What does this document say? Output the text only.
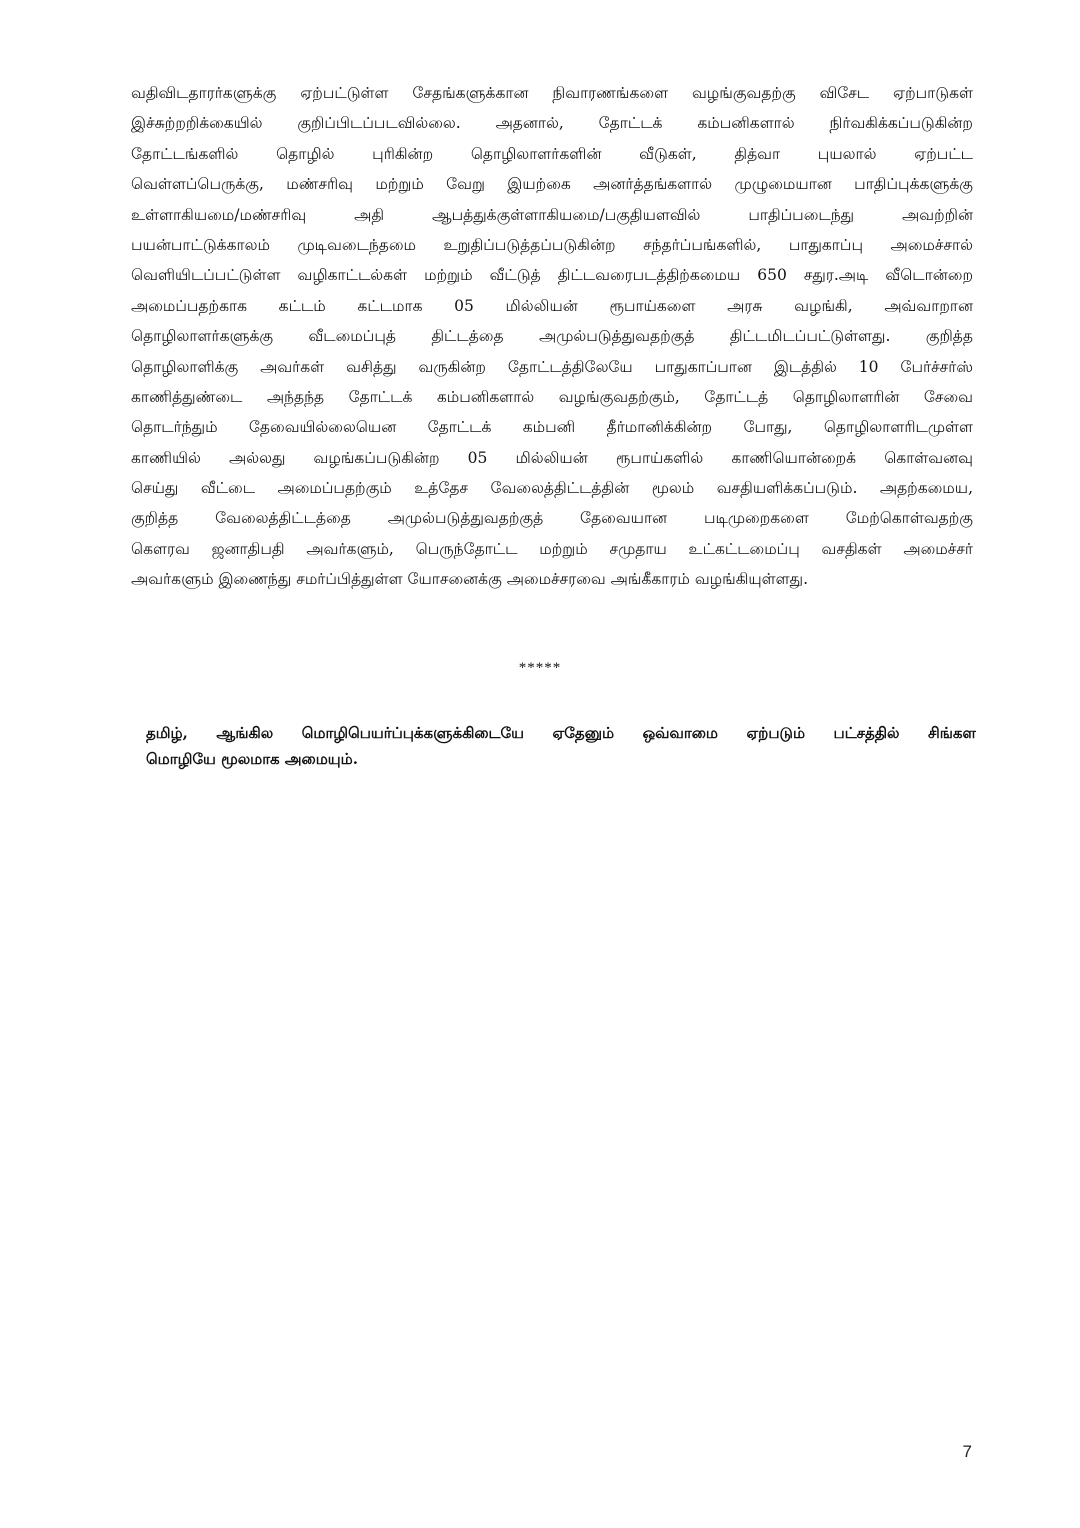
வதிவிடதாரர்களுக்கு ஏற்பட்டுள்ள சேதங்களுக்கான நிவாரணங்களை வழங்குவதற்கு விசேட ஏற்பாடுகள்
இச்சுற்றறிக்கையில் குறிப்பிடப்படவில்லை. அதனால், தோட்டக் கம்பனிகளால் நிர்வகிக்கப்படுகின்ற
தோட்டங்களில் தொழில் புரிகின்ற தொழிலாளர்களின் வீடுகள், தித்வா புயலால் ஏற்பட்ட
வெள்ளப்பெருக்கு, மண்சரிவு மற்றும் வேறு இயற்கை அனர்த்தங்களால் முழுமையான பாதிப்புக்களுக்கு
உள்ளாகியமை/மண்சரிவு அதி ஆபத்துக்குள்ளாகியமை/பகுதியளவில் பாதிப்படைந்து அவற்றின்
பயன்பாட்டுக்காலம் முடிவடைந்தமை உறுதிப்படுத்தப்படுகின்ற சந்தர்ப்பங்களில், பாதுகாப்பு அமைச்சால்
வெளியிடப்பட்டுள்ள வழிகாட்டல்கள் மற்றும் வீட்டுத் திட்டவரைபடத்திற்கமைய 650 சதுர.அடி வீடொன்றை
அமைப்பதற்காக கட்டம் கட்டமாக 05 மில்லியன் ரூபாய்களை அரசு வழங்கி, அவ்வாறான
தொழிலாளர்களுக்கு வீடமைப்புத் திட்டத்தை அமுல்படுத்துவதற்குத் திட்டமிடப்பட்டுள்ளது. குறித்த
தொழிலாளிக்கு அவர்கள் வசித்து வருகின்ற தோட்டத்திலேயே பாதுகாப்பான இடத்தில் 10 பேர்ச்சர்ஸ்
காணித்துண்டை அந்தந்த தோட்டக் கம்பனிகளால் வழங்குவதற்கும், தோட்டத் தொழிலாளரின் சேவை
தொடர்ந்தும் தேவையில்லையென தோட்டக் கம்பனி தீர்மானிக்கின்ற போது, தொழிலாளரிடமுள்ள
காணியில் அல்லது வழங்கப்படுகின்ற 05 மில்லியன் ரூபாய்களில் காணியொன்றைக் கொள்வனவு
செய்து வீட்டை அமைப்பதற்கும் உத்தேச வேலைத்திட்டத்தின் மூலம் வசதியளிக்கப்படும். அதற்கமைய,
குறித்த வேலைத்திட்டத்தை அமுல்படுத்துவதற்குத் தேவையான படிமுறைகளை மேற்கொள்வதற்கு
கௌரவ ஜனாதிபதி அவர்களும், பெருந்தோட்ட மற்றும் சமுதாய உட்கட்டமைப்பு வசதிகள் அமைச்சர்
அவர்களும் இணைந்து சமர்ப்பித்துள்ள யோசனைக்கு அமைச்சரவை அங்கீகாரம் வழங்கியுள்ளது.
*****
தமிழ், ஆங்கில மொழிபெயர்ப்புக்களுக்கிடையே ஏதேனும் ஒவ்வாமை ஏற்படும் பட்சத்தில் சிங்கள
மொழியே மூலமாக அமையும்.
7
